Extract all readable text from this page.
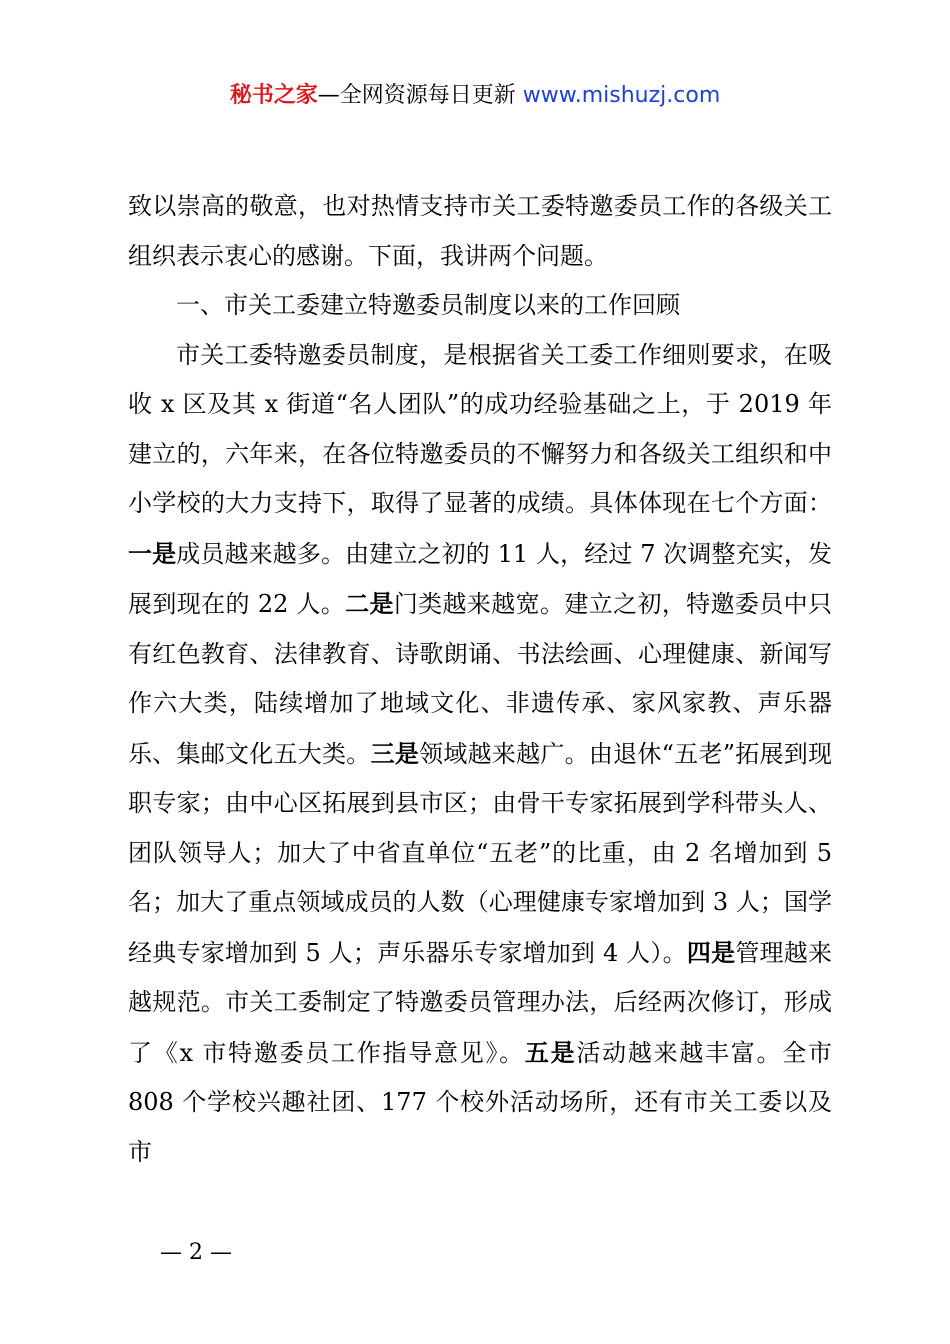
秘书之家—全网资源每日更新 www.mishuzj.com

致以崇高的敬意，也对热情支持市关工委特邀委员工作的各级关工组织表示衷心的感谢。下面，我讲两个问题。

一、市关工委建立特邀委员制度以来的工作回顾

市关工委特邀委员制度，是根据省关工委工作细则要求，在吸收 x 区及其 x 街道“名人团队”的成功经验基础之上，于 2019 年建立的，六年来，在各位特邀委员的不懈努力和各级关工组织和中小学校的大力支持下，取得了显著的成绩。具体体现在七个方面：一是成员越来越多。由建立之初的 11 人，经过 7 次调整充实，发展到现在的 22 人。二是门类越来越宽。建立之初，特邀委员中只有红色教育、法律教育、诗歌朗诵、书法绘画、心理健康、新闻写作六大类，陆续增加了地域文化、非遗传承、家风家教、声乐器乐、集邮文化五大类。三是领域越来越广。由退休“五老”拓展到现职专家；由中心区拓展到县市区；由骨干专家拓展到学科带头人、团队领导人；加大了中省直单位“五老”的比重，由 2 名增加到 5 名；加大了重点领域成员的人数（心理健康专家增加到 3 人；国学经典专家增加到 5 人；声乐器乐专家增加到 4 人）。四是管理越来越规范。市关工委制定了特邀委员管理办法，后经两次修订，形成了《x 市特邀委员工作指导意见》。五是活动越来越丰富。全市 808 个学校兴趣社团、177 个校外活动场所，还有市关工委以及市

— 2 —
